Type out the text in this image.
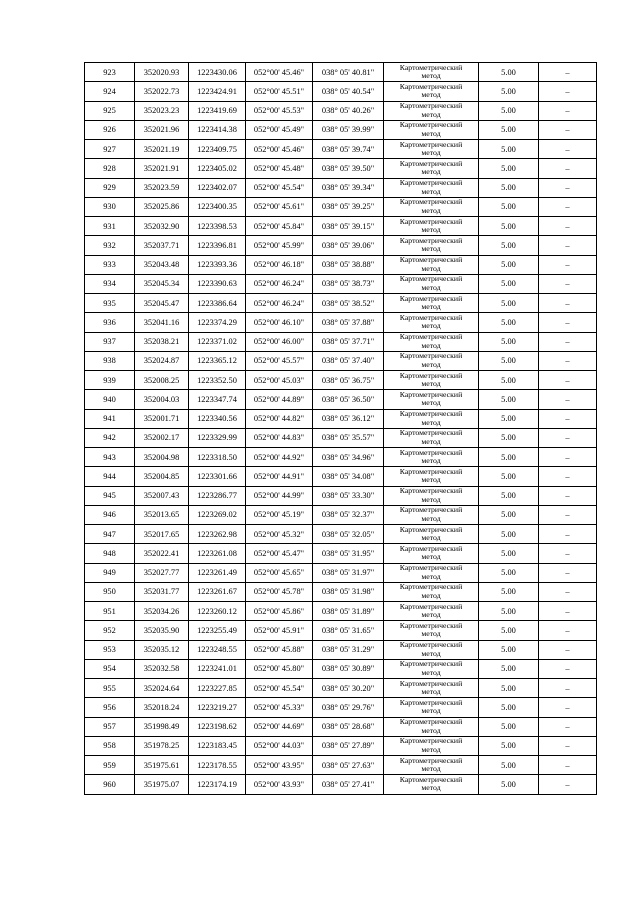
923	352020.93	1223430.06	052°00' 45.46"	038° 05' 40.81"	Картометрический
метод	5.00	–
924	352022.73	1223424.91	052°00' 45.51"	038° 05' 40.54"	Картометрический
метод	5.00	–
925	352023.23	1223419.69	052°00' 45.53"	038° 05' 40.26"	Картометрический
метод	5.00	–
926	352021.96	1223414.38	052°00' 45.49"	038° 05' 39.99"	Картометрический
метод	5.00	–
927	352021.19	1223409.75	052°00' 45.46"	038° 05' 39.74"	Картометрический
метод	5.00	–
928	352021.91	1223405.02	052°00' 45.48"	038° 05' 39.50"	Картометрический
метод	5.00	–
929	352023.59	1223402.07	052°00' 45.54"	038° 05' 39.34"	Картометрический
метод	5.00	–
930	352025.86	1223400.35	052°00' 45.61"	038° 05' 39.25"	Картометрический
метод	5.00	–
931	352032.90	1223398.53	052°00' 45.84"	038° 05' 39.15"	Картометрический
метод	5.00	–
932	352037.71	1223396.81	052°00' 45.99"	038° 05' 39.06"	Картометрический
метод	5.00	–
933	352043.48	1223393.36	052°00' 46.18"	038° 05' 38.88"	Картометрический
метод	5.00	–
934	352045.34	1223390.63	052°00' 46.24"	038° 05' 38.73"	Картометрический
метод	5.00	–
935	352045.47	1223386.64	052°00' 46.24"	038° 05' 38.52"	Картометрический
метод	5.00	–
936	352041.16	1223374.29	052°00' 46.10"	038° 05' 37.88"	Картометрический
метод	5.00	–
937	352038.21	1223371.02	052°00' 46.00"	038° 05' 37.71"	Картометрический
метод	5.00	–
938	352024.87	1223365.12	052°00' 45.57"	038° 05' 37.40"	Картометрический
метод	5.00	–
939	352008.25	1223352.50	052°00' 45.03"	038° 05' 36.75"	Картометрический
метод	5.00	–
940	352004.03	1223347.74	052°00' 44.89"	038° 05' 36.50"	Картометрический
метод	5.00	–
941	352001.71	1223340.56	052°00' 44.82"	038° 05' 36.12"	Картометрический
метод	5.00	–
942	352002.17	1223329.99	052°00' 44.83"	038° 05' 35.57"	Картометрический
метод	5.00	–
943	352004.98	1223318.50	052°00' 44.92"	038° 05' 34.96"	Картометрический
метод	5.00	–
944	352004.85	1223301.66	052°00' 44.91"	038° 05' 34.08"	Картометрический
метод	5.00	–
945	352007.43	1223286.77	052°00' 44.99"	038° 05' 33.30"	Картометрический
метод	5.00	–
946	352013.65	1223269.02	052°00' 45.19"	038° 05' 32.37"	Картометрический
метод	5.00	–
947	352017.65	1223262.98	052°00' 45.32"	038° 05' 32.05"	Картометрический
метод	5.00	–
948	352022.41	1223261.08	052°00' 45.47"	038° 05' 31.95"	Картометрический
метод	5.00	–
949	352027.77	1223261.49	052°00' 45.65"	038° 05' 31.97"	Картометрический
метод	5.00	–
950	352031.77	1223261.67	052°00' 45.78"	038° 05' 31.98"	Картометрический
метод	5.00	–
951	352034.26	1223260.12	052°00' 45.86"	038° 05' 31.89"	Картометрический
метод	5.00	–
952	352035.90	1223255.49	052°00' 45.91"	038° 05' 31.65"	Картометрический
метод	5.00	–
953	352035.12	1223248.55	052°00' 45.88"	038° 05' 31.29"	Картометрический
метод	5.00	–
954	352032.58	1223241.01	052°00' 45.80"	038° 05' 30.89"	Картометрический
метод	5.00	–
955	352024.64	1223227.85	052°00' 45.54"	038° 05' 30.20"	Картометрический
метод	5.00	–
956	352018.24	1223219.27	052°00' 45.33"	038° 05' 29.76"	Картометрический
метод	5.00	–
957	351998.49	1223198.62	052°00' 44.69"	038° 05' 28.68"	Картометрический
метод	5.00	–
958	351978.25	1223183.45	052°00' 44.03"	038° 05' 27.89"	Картометрический
метод	5.00	–
959	351975.61	1223178.55	052°00' 43.95"	038° 05' 27.63"	Картометрический
метод	5.00	–
960	351975.07	1223174.19	052°00' 43.93"	038° 05' 27.41"	Картометрический
метод	5.00	–
